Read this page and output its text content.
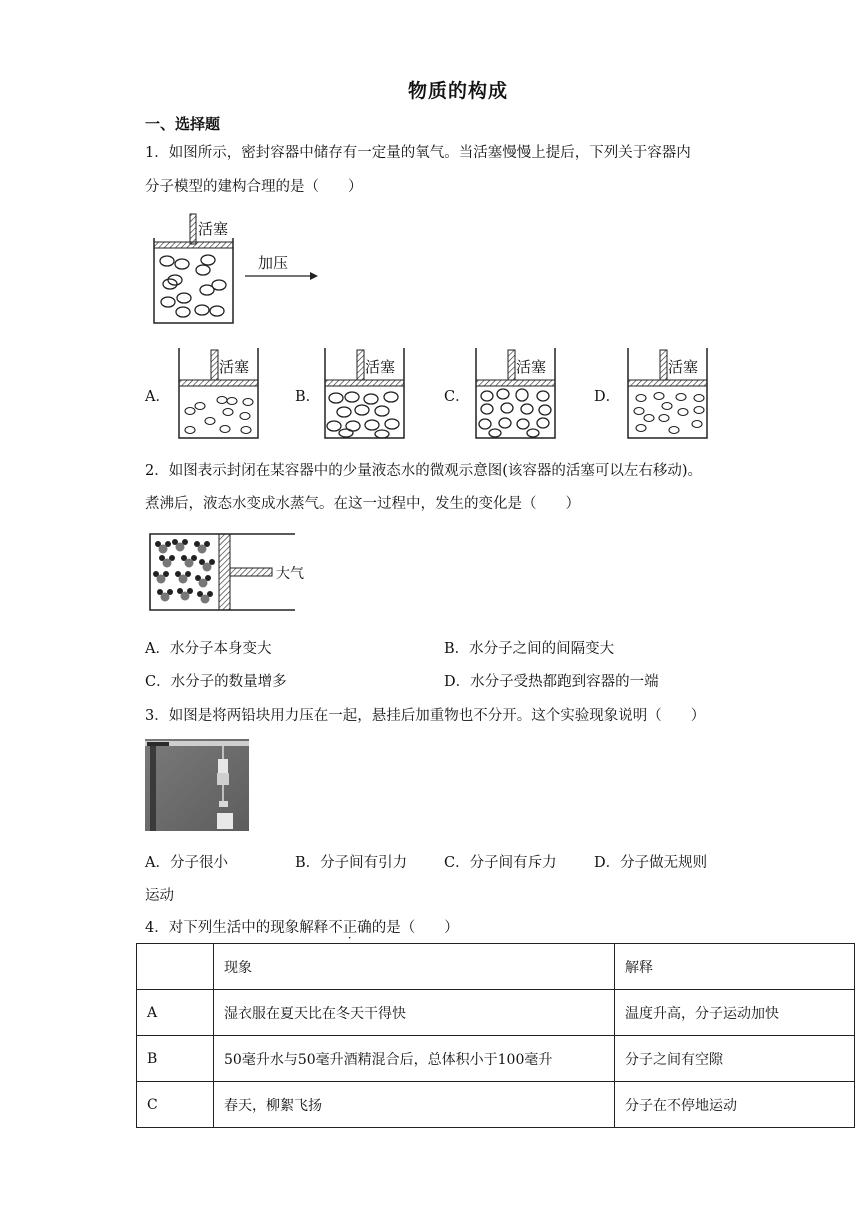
物质的构成
一、选择题
1．如图所示，密封容器中储存有一定量的氧气。当活塞慢慢上提后，下列关于容器内
分子模型的建构合理的是（　　）
活塞
加压
A．
活塞
B．
活塞
C．
活塞
D．
活塞
2．如图表示封闭在某容器中的少量液态水的微观示意图(该容器的活塞可以左右移动)。
煮沸后，液态水变成水蒸气。在这一过程中，发生的变化是（　　）
大气
A．水分子本身变大	B．水分子之间的间隔变大
C．水分子的数量增多	D．水分子受热都跑到容器的一端
3．如图是将两铅块用力压在一起，悬挂后加重物也不分开。这个实验现象说明（　　）
A．分子很小	B．分子间有引力	C．分子间有斥力	D．分子做无规则
运动
4．对下列生活中的现象解释不正确的是（　　）
	现象	解释
A	湿衣服在夏天比在冬天干得快	温度升高，分子运动加快
B	50毫升水与50毫升酒精混合后，总体积小于100毫升	分子之间有空隙
C	春天，柳絮飞扬	分子在不停地运动
